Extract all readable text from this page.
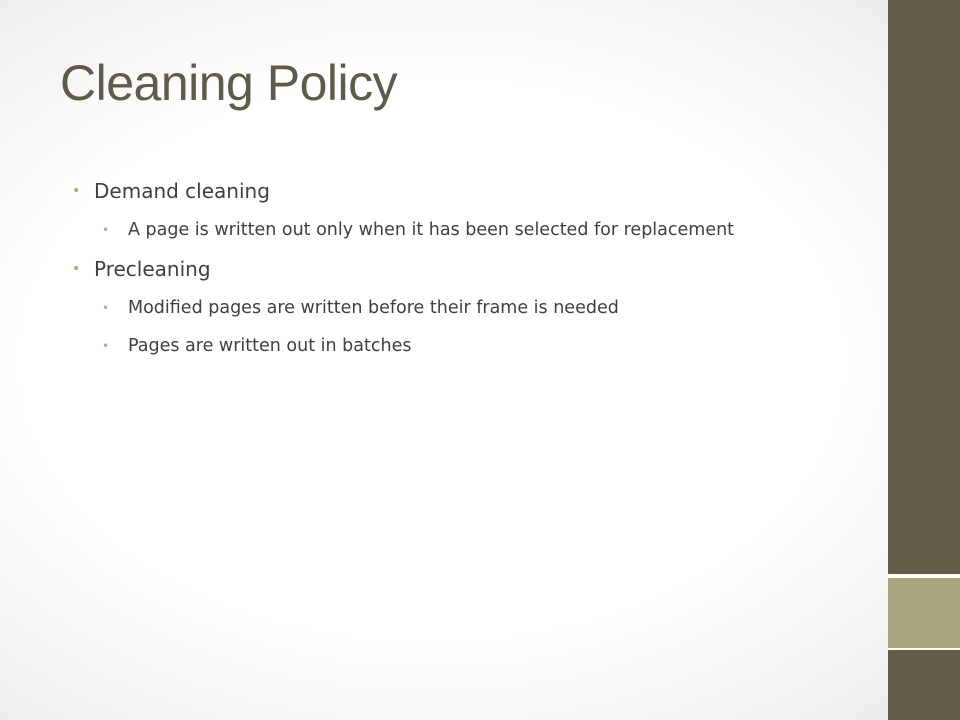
Cleaning Policy
• Demand cleaning
• A page is written out only when it has been selected for replacement
• Precleaning
• Modified pages are written before their frame is needed
• Pages are written out in batches
